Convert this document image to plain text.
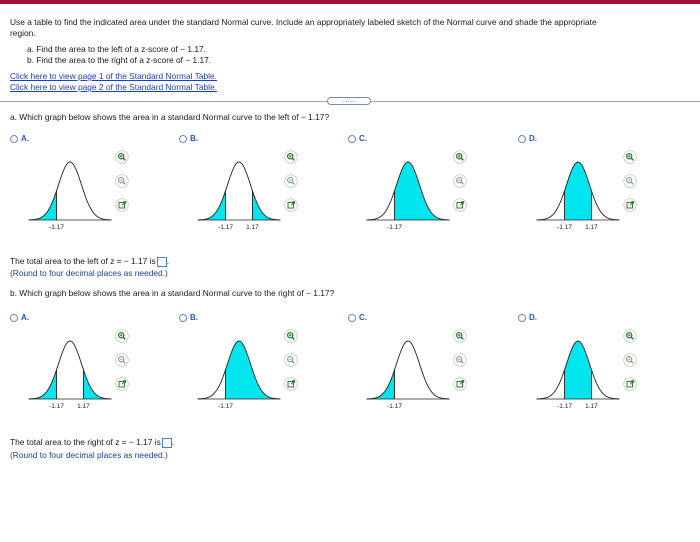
Use a table to find the indicated area under the standard Normal curve. Include an appropriately labeled sketch of the Normal curve and shade the appropriate
region.
a. Find the area to the left of a z-score of − 1.17.
b. Find the area to the right of a z-score of − 1.17.
Click here to view page 1 of the Standard Normal Table.
Click here to view page 2 of the Standard Normal Table.
.....
a. Which graph below shows the area in a standard Normal curve to the left of − 1.17?
A.
-1.17
B.
-1.17 1.17
C.
-1.17
D.
-1.17 1.17
The total area to the left of z = − 1.17 is .
(Round to four decimal places as needed.)
b. Which graph below shows the area in a standard Normal curve to the right of − 1.17?
A.
-1.17 1.17
B.
-1.17
C.
-1.17
D.
-1.17 1.17
The total area to the right of z = − 1.17 is .
(Round to four decimal places as needed.)
